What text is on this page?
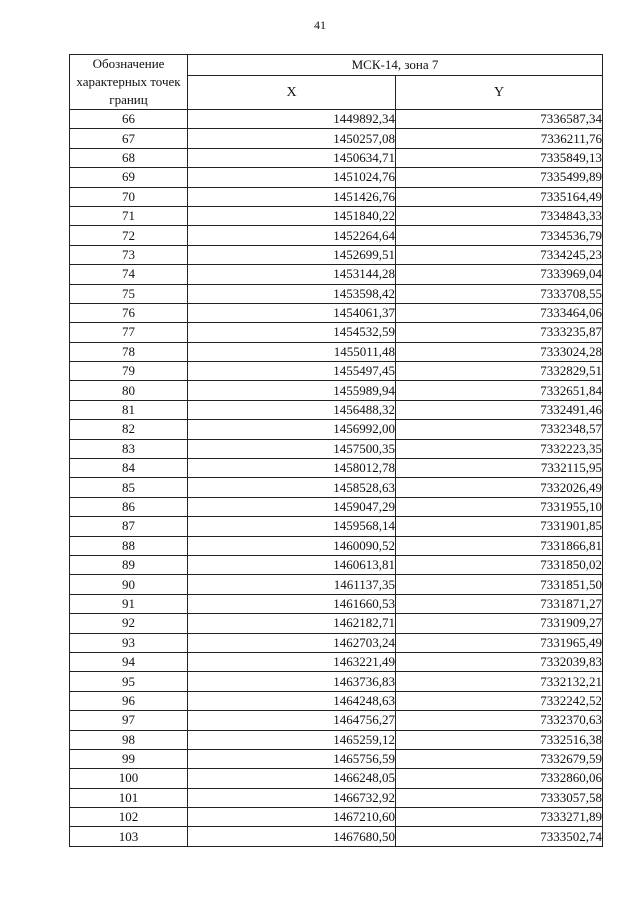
41
Обозначение характерных точек границ	МСК-14, зона 7	
	X	Y
66	1449892,34	7336587,34
67	1450257,08	7336211,76
68	1450634,71	7335849,13
69	1451024,76	7335499,89
70	1451426,76	7335164,49
71	1451840,22	7334843,33
72	1452264,64	7334536,79
73	1452699,51	7334245,23
74	1453144,28	7333969,04
75	1453598,42	7333708,55
76	1454061,37	7333464,06
77	1454532,59	7333235,87
78	1455011,48	7333024,28
79	1455497,45	7332829,51
80	1455989,94	7332651,84
81	1456488,32	7332491,46
82	1456992,00	7332348,57
83	1457500,35	7332223,35
84	1458012,78	7332115,95
85	1458528,63	7332026,49
86	1459047,29	7331955,10
87	1459568,14	7331901,85
88	1460090,52	7331866,81
89	1460613,81	7331850,02
90	1461137,35	7331851,50
91	1461660,53	7331871,27
92	1462182,71	7331909,27
93	1462703,24	7331965,49
94	1463221,49	7332039,83
95	1463736,83	7332132,21
96	1464248,63	7332242,52
97	1464756,27	7332370,63
98	1465259,12	7332516,38
99	1465756,59	7332679,59
100	1466248,05	7332860,06
101	1466732,92	7333057,58
102	1467210,60	7333271,89
103	1467680,50	7333502,74
